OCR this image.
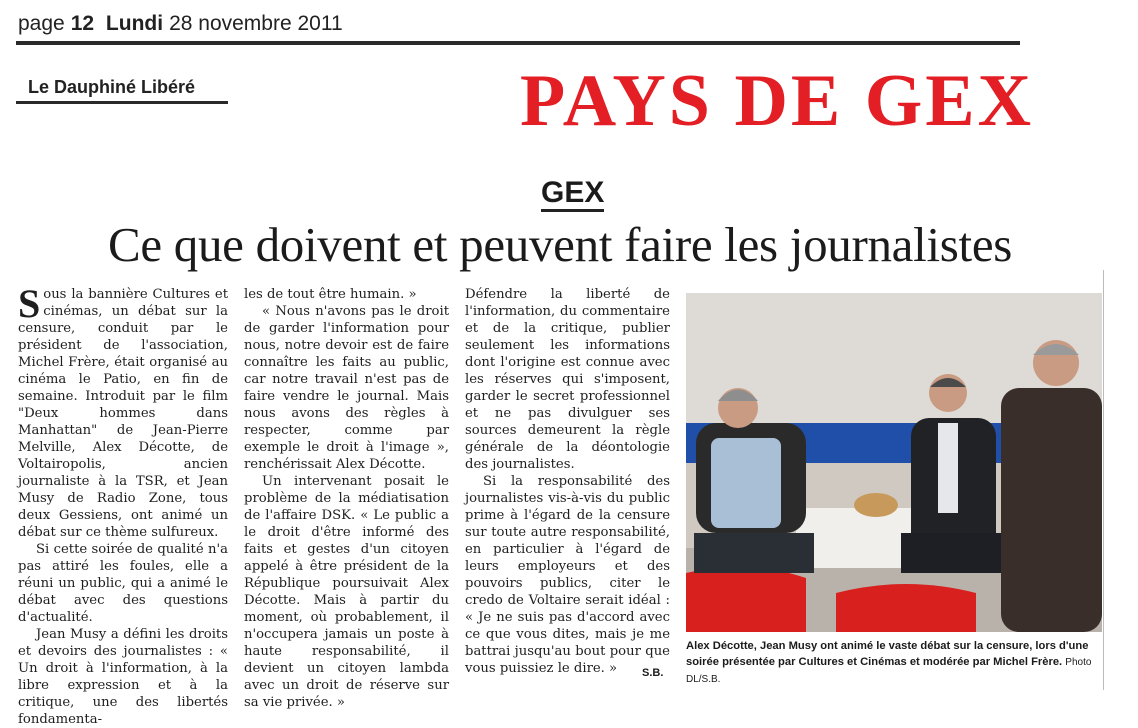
page 12 Lundi 28 novembre 2011
Le Dauphiné Libéré	PAYS DE GEX
GEX
Ce que doivent et peuvent faire les journalistes

Sous la bannière Cultures et cinémas, un débat sur la censure, conduit par le président de l'association, Michel Frère, était organisé au cinéma le Patio, en fin de semaine. Introduit par le film "Deux hommes dans Manhattan" de Jean-Pierre Melville, Alex Décotte, de Voltairopolis, ancien journaliste à la TSR, et Jean Musy de Radio Zone, tous deux Gessiens, ont animé un débat sur ce thème sulfureux.

Si cette soirée de qualité n'a pas attiré les foules, elle a réuni un public, qui a animé le débat avec des questions d'actualité.

Jean Musy a défini les droits et devoirs des journalistes : « Un droit à l'information, à la libre expression et à la critique, une des libertés fondamenta-

les de tout être humain. »

« Nous n'avons pas le droit de garder l'information pour nous, notre devoir est de faire connaître les faits au public, car notre travail n'est pas de faire vendre le journal. Mais nous avons des règles à respecter, comme par exemple le droit à l'image », renchérissait Alex Décotte.

Un intervenant posait le problème de la médiatisation de l'affaire DSK. « Le public a le droit d'être informé des faits et gestes d'un citoyen appelé à être président de la République poursuivait Alex Décotte. Mais à partir du moment, où probablement, il n'occupera jamais un poste à haute responsabilité, il devient un citoyen lambda avec un droit de réserve sur sa vie privée. »

Défendre la liberté de l'information, du commentaire et de la critique, publier seulement les informations dont l'origine est connue avec les réserves qui s'imposent, garder le secret professionnel et ne pas divulguer ses sources demeurent la règle générale de la déontologie des journalistes.

Si la responsabilité des journalistes vis-à-vis du public prime à l'égard de la censure sur toute autre responsabilité, en particulier à l'égard de leurs employeurs et des pouvoirs publics, citer le credo de Voltaire serait idéal : « Je ne suis pas d'accord avec ce que vous dites, mais je me battrai jusqu'au bout pour que vous puissiez le dire. »	S.B.
Alex Décotte, Jean Musy ont animé le vaste débat sur la censure, lors d'une soirée présentée par Cultures et Cinémas et modérée par Michel Frère. Photo DL/S.B.
